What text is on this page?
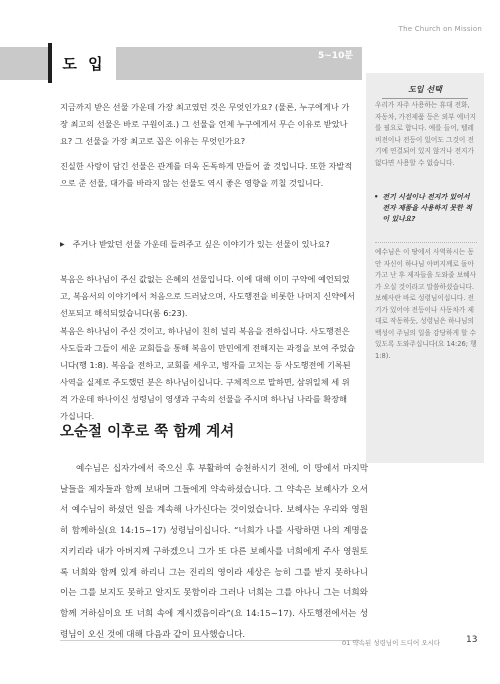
The Church on Mission
도 입	5~10분
도입 선택

우리가 자주 사용하는 휴대 전화, 자동차, 가전제품 등은 외부 에너지를 필요로 합니다. 예를 들어, 텔레비전이나 전등이 있어도 그것이 전기에 연결되어 있지 않거나 전지가 없다면 사용할 수 없습니다.

• 전기 시설이나 전지가 있어서 전자 제품을 사용하지 못한 적이 있나요?

예수님은 이 땅에서 사역하시는 동안 자신이 하나님 아버지께로 돌아가고 난 후 제자들을 도와줄 보혜사가 오실 것이라고 말씀하셨습니다. 보혜사란 바로 성령님이십니다. 전기가 있어야 전등이나 사동차가 제대로 작동하듯, 성령님은 하나님의 백성이 주님의 일을 감당하게 할 수 있도록 도와주십니다(요 14:26; 행 1:8).

지금까지 받은 선물 가운데 가장 최고였던 것은 무엇인가요? (물론, 누구에게나 가장 최고의 선물은 바로 구원이죠.) 그 선물을 언제 누구에게서 무슨 이유로 받았나요? 그 선물을 가장 최고로 꼽은 이유는 무엇인가요?

진실한 사랑이 담긴 선물은 관계를 더욱 돈독하게 만들어 줄 것입니다. 또한 자발적으로 준 선물, 대가를 바라지 않는 선물도 역시 좋은 영향을 끼칠 것입니다.

▶ 주거나 받았던 선물 가운데 들려주고 싶은 이야기가 있는 선물이 있나요?

복음은 하나님이 주신 값없는 은혜의 선물입니다. 이에 대해 이미 구약에 예언되었고, 복음서의 이야기에서 처음으로 드러났으며, 사도행전을 비롯한 나머지 신약에서 선포되고 해석되었습니다(롬 6:23).

복음은 하나님이 주신 것이고, 하나님이 친히 널리 복음을 전하십니다. 사도행전은 사도들과 그들이 세운 교회들을 통해 복음이 만민에게 전해지는 과정을 보여 주었습니다(행 1:8). 복음을 전하고, 교회를 세우고, 병자를 고치는 등 사도행전에 기록된 사역을 실제로 주도했던 분은 하나님이십니다. 구체적으로 말하면, 삼위일체 세 위격 가운데 하나이신 성령님이 영생과 구속의 선물을 주시며 하나님 나라를 확장해 가십니다.

오순절 이후로 쭉 함께 계셔

예수님은 십자가에서 죽으신 후 부활하여 승천하시기 전에, 이 땅에서 마지막 날들을 제자들과 함께 보내며 그들에게 약속하셨습니다. 그 약속은 보혜사가 오셔서 예수님이 하셨던 일을 계속해 나가신다는 것이었습니다. 보혜사는 우리와 영원히 함께하실(요 14:15~17) 성령님이십니다. “너희가 나를 사랑하면 나의 계명을 지키리라 내가 아버지께 구하겠으니 그가 또 다른 보혜사를 너희에게 주사 영원토록 너희와 함께 있게 하리니 그는 진리의 영이라 세상은 능히 그를 받지 못하나니 이는 그를 보지도 못하고 알지도 못함이라 그러나 너희는 그를 아나니 그는 너희와 함께 거하심이요 또 너희 속에 계시겠음이라”(요 14:15~17). 사도행전에서는 성령님이 오신 것에 대해 다음과 같이 묘사했습니다.

01 약속된 성령님이 드디어 오시다	13
